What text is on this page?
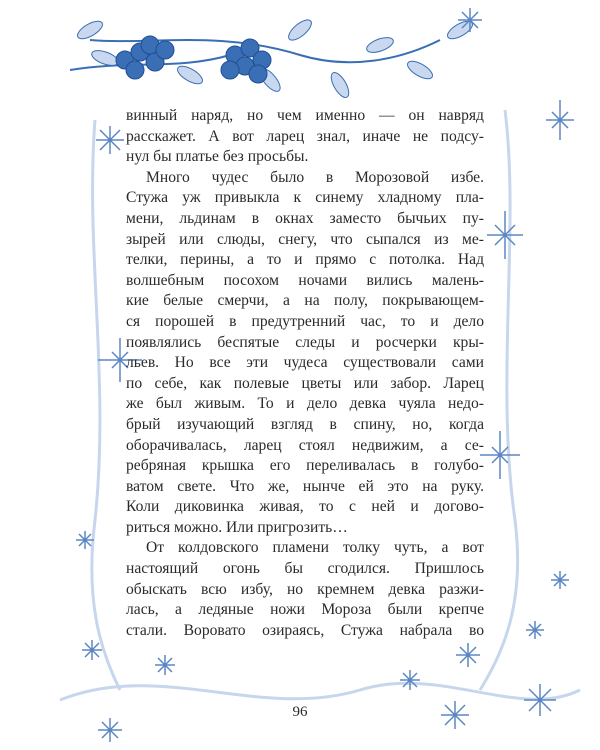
винный наряд, но чем именно — он навряд
расскажет. А вот ларец знал, иначе не подсу-
нул бы платье без просьбы.
Много чудес было в Морозовой избе.
Стужа уж привыкла к синему хладному пла-
мени, льдинам в окнах заместо бычьих пу-
зырей или слюды, снегу, что сыпался из ме-
телки, перины, а то и прямо с потолка. Над
волшебным посохом ночами вились малень-
кие белые смерчи, а на полу, покрывающем-
ся порошей в предутренний час, то и дело
появлялись беспятые следы и росчерки кры-
льев. Но все эти чудеса существовали сами
по себе, как полевые цветы или забор. Ларец
же был живым. То и дело девка чуяла недо-
брый изучающий взгляд в спину, но, когда
оборачивалась, ларец стоял недвижим, а се-
ребряная крышка его переливалась в голубо-
ватом свете. Что же, нынче ей это на руку.
Коли диковинка живая, то с ней и догово-
риться можно. Или пригрозить…
От колдовского пламени толку чуть, а вот
настоящий огонь бы сгодился. Пришлось
обыскать всю избу, но кремнем девка разжи-
лась, а ледяные ножи Мороза были крепче
стали. Воровато озираясь, Стужа набрала во
96
